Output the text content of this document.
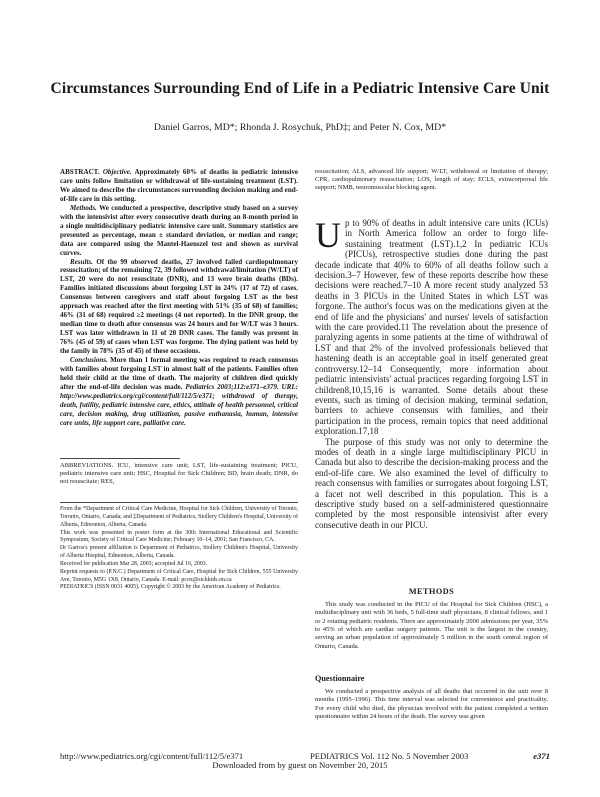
Circumstances Surrounding End of Life in a Pediatric Intensive Care Unit
Daniel Garros, MD*; Rhonda J. Rosychuk, PhD‡; and Peter N. Cox, MD*

ABSTRACT. Objective. Approximately 60% of deaths in pediatric intensive care units follow limitation or withdrawal of life-sustaining treatment (LST). We aimed to describe the circumstances surrounding decision making and end-of-life care in this setting.

Methods. We conducted a prospective, descriptive study based on a survey with the intensivist after every consecutive death during an 8-month period in a single multidisciplinary pediatric intensive care unit. Summary statistics are presented as percentage, mean ± standard deviation, or median and range; data are compared using the Mantel-Haenszel test and shown as survival curves.

Results. Of the 99 observed deaths, 27 involved failed cardiopulmonary resuscitation; of the remaining 72, 39 followed withdrawal/limitation (W/LT) of LST, 20 were do not resuscitate (DNR), and 13 were brain deaths (BDs). Families initiated discussions about forgoing LST in 24% (17 of 72) of cases. Consensus between caregivers and staff about forgoing LST as the best approach was reached after the first meeting with 51% (35 of 68) of families; 46% (31 of 68) required ≥2 meetings (4 not reported). In the DNR group, the median time to death after consensus was 24 hours and for W/LT was 3 hours. LST was later withdrawn in 11 of 20 DNR cases. The family was present in 76% (45 of 59) of cases when LST was forgone. The dying patient was held by the family in 78% (35 of 45) of these occasions.

Conclusions. More than 1 formal meeting was required to reach consensus with families about forgoing LST in almost half of the patients. Families often held their child at the time of death. The majority of children died quickly after the end-of-life decision was made. Pediatrics 2003;112:e371–e379. URL: http://www.pediatrics.org/cgi/content/full/112/5/e371; withdrawal of therapy, death, futility, pediatric intensive care, ethics, attitude of health personnel, critical care, decision making, drug utilization, passive euthanasia, human, intensive care units, life support care, palliative care.

ABBREVIATIONS. ICU, intensive care unit; LST, life-sustaining treatment; PICU, pediatric intensive care unit; HSC, Hospital for Sick Children; BD, brain death; DNR, do not resuscitate; RES,

From the *Department of Critical Care Medicine, Hospital for Sick Children, University of Toronto, Toronto, Ontario, Canada; and ‡Department of Pediatrics, Stollery Children's Hospital, University of Alberta, Edmonton, Alberta, Canada.

This work was presented in poster form at the 30th International Educational and Scientific Symposium, Society of Critical Care Medicine; February 10–14, 2001; San Francisco, CA.

Dr Garros's present affiliation is Department of Pediatrics, Stollery Children's Hospital, University of Alberta Hospital, Edmonton, Alberta, Canada.

Received for publication Mar 28, 2003; accepted Jul 16, 2003.

Reprint requests to (P.N.C.) Department of Critical Care, Hospital for Sick Children, 555 University Ave, Toronto, M5G 1X8, Ontario, Canada. E-mail: pcox@sickkids.on.ca

PEDIATRICS (ISSN 0031 4005). Copyright © 2003 by the American Academy of Pediatrics.

resuscitation; ALS, advanced life support; W/LT, withdrawal or limitation of therapy; CPR, cardiopulmonary resuscitation; LOS, length of stay; ECLS, extracorporeal life support; NMB, neuromuscular blocking agent.

Up to 90% of deaths in adult intensive care units (ICUs) in North America follow an order to forgo life-sustaining treatment (LST).1,2 In pediatric ICUs (PICUs), retrospective studies done during the past decade indicate that 40% to 60% of all deaths follow such a decision.3–7 However, few of these reports describe how these decisions were reached.7–10 A more recent study analyzed 53 deaths in 3 PICUs in the United States in which LST was forgone. The author's focus was on the medications given at the end of life and the physicians' and nurses' levels of satisfaction with the care provided.11 The revelation about the presence of paralyzing agents in some patients at the time of withdrawal of LST and that 2% of the involved professionals believed that hastening death is an acceptable goal in itself generated great controversy.12–14 Consequently, more information about pediatric intensivists' actual practices regarding forgoing LST in children8,10,15,16 is warranted. Some details about these events, such as timing of decision making, terminal sedation, barriers to achieve consensus with families, and their participation in the process, remain topics that need additional exploration.17,18

The purpose of this study was not only to determine the modes of death in a single large multidisciplinary PICU in Canada but also to describe the decision-making process and the end-of-life care. We also examined the level of difficulty to reach consensus with families or surrogates about forgoing LST, a facet not well described in this population. This is a descriptive study based on a self-administered questionnaire completed by the most responsible intensivist after every consecutive death in our PICU.

METHODS

This study was conducted in the PICU of the Hospital for Sick Children (HSC), a multidisciplinary unit with 36 beds, 5 full-time staff physicians, 8 clinical fellows, and 1 or 2 rotating pediatric residents. There are approximately 2000 admissions per year, 35% to 45% of which are cardiac surgery patients. The unit is the largest in the country, serving an urban population of approximately 5 million in the south central region of Ontario, Canada.

Questionnaire

We conducted a prospective analysis of all deaths that occurred in the unit over 8 months (1995–1996). This time interval was selected for convenience and practicality. For every child who died, the physician involved with the patient completed a written questionnaire within 24 hours of the death. The survey was given

http://www.pediatrics.org/cgi/content/full/112/5/e371	PEDIATRICS Vol. 112 No. 5 November 2003	e371
Downloaded from by guest on November 20, 2015
